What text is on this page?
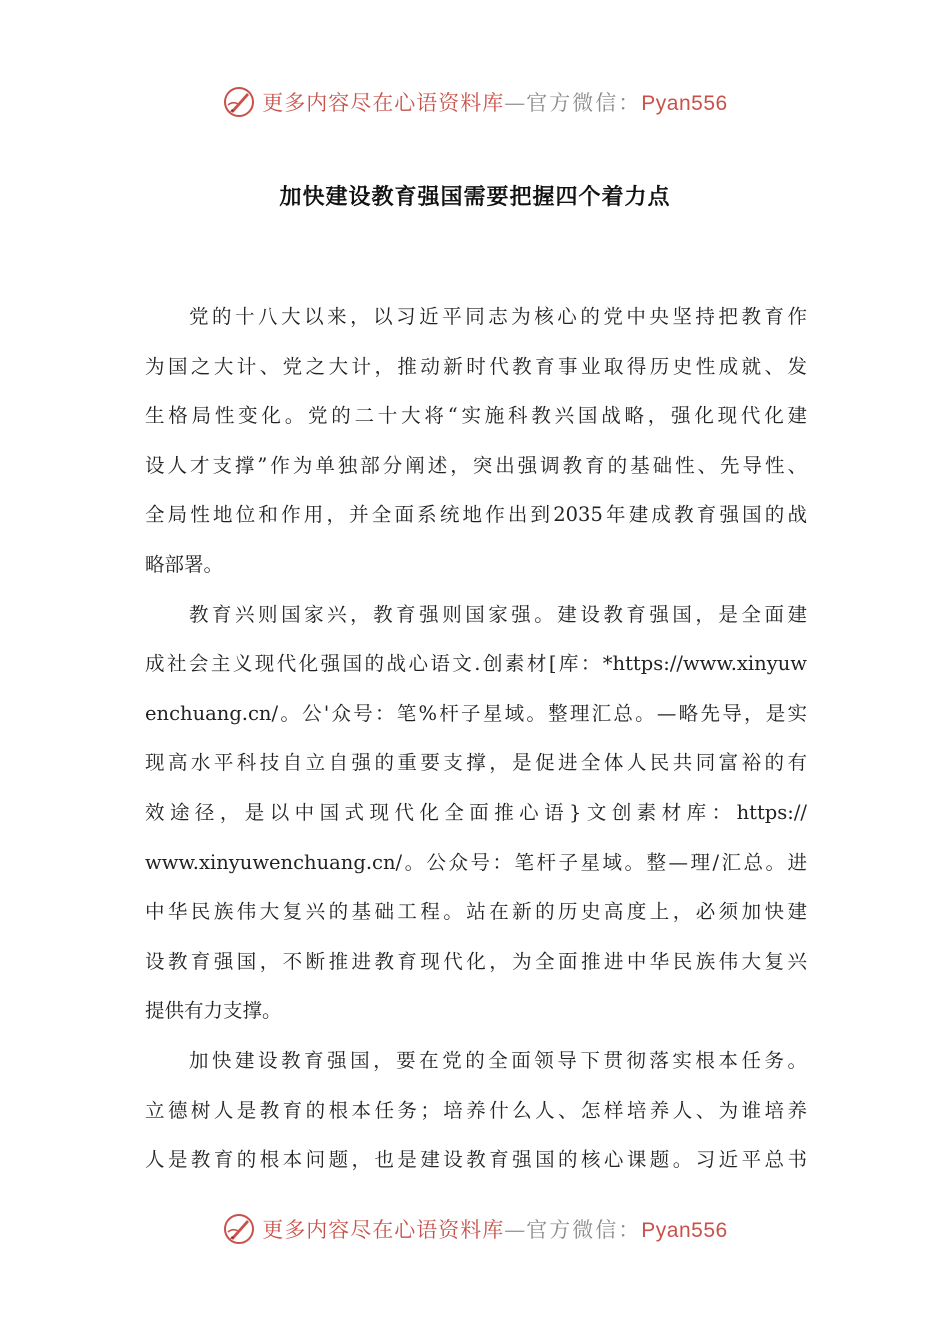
更多内容尽在心语资料库—官方微信：Pyan556
加快建设教育强国需要把握四个着力点
党的十八大以来，以习近平同志为核心的党中央坚持把教育作
为国之大计、党之大计，推动新时代教育事业取得历史性成就、发
生格局性变化。党的二十大将“实施科教兴国战略，强化现代化建
设人才支撑”作为单独部分阐述，突出强调教育的基础性、先导性、
全局性地位和作用，并全面系统地作出到2035年建成教育强国的战
略部署。
教育兴则国家兴，教育强则国家强。建设教育强国，是全面建
成社会主义现代化强国的战心语文.创素材[库：*https://www.xinyuw
enchuang.cn/。公'众号：笔%杆子星域。整理汇总。—略先导，是实
现高水平科技自立自强的重要支撑，是促进全体人民共同富裕的有
效途径，是以中国式现代化全面推心语}文创素材库：https://
www.xinyuwenchuang.cn/。公众号：笔杆子星域。整—理/汇总。进
中华民族伟大复兴的基础工程。站在新的历史高度上，必须加快建
设教育强国，不断推进教育现代化，为全面推进中华民族伟大复兴
提供有力支撑。
加快建设教育强国，要在党的全面领导下贯彻落实根本任务。
立德树人是教育的根本任务；培养什么人、怎样培养人、为谁培养
人是教育的根本问题，也是建设教育强国的核心课题。习近平总书
更多内容尽在心语资料库—官方微信：Pyan556
